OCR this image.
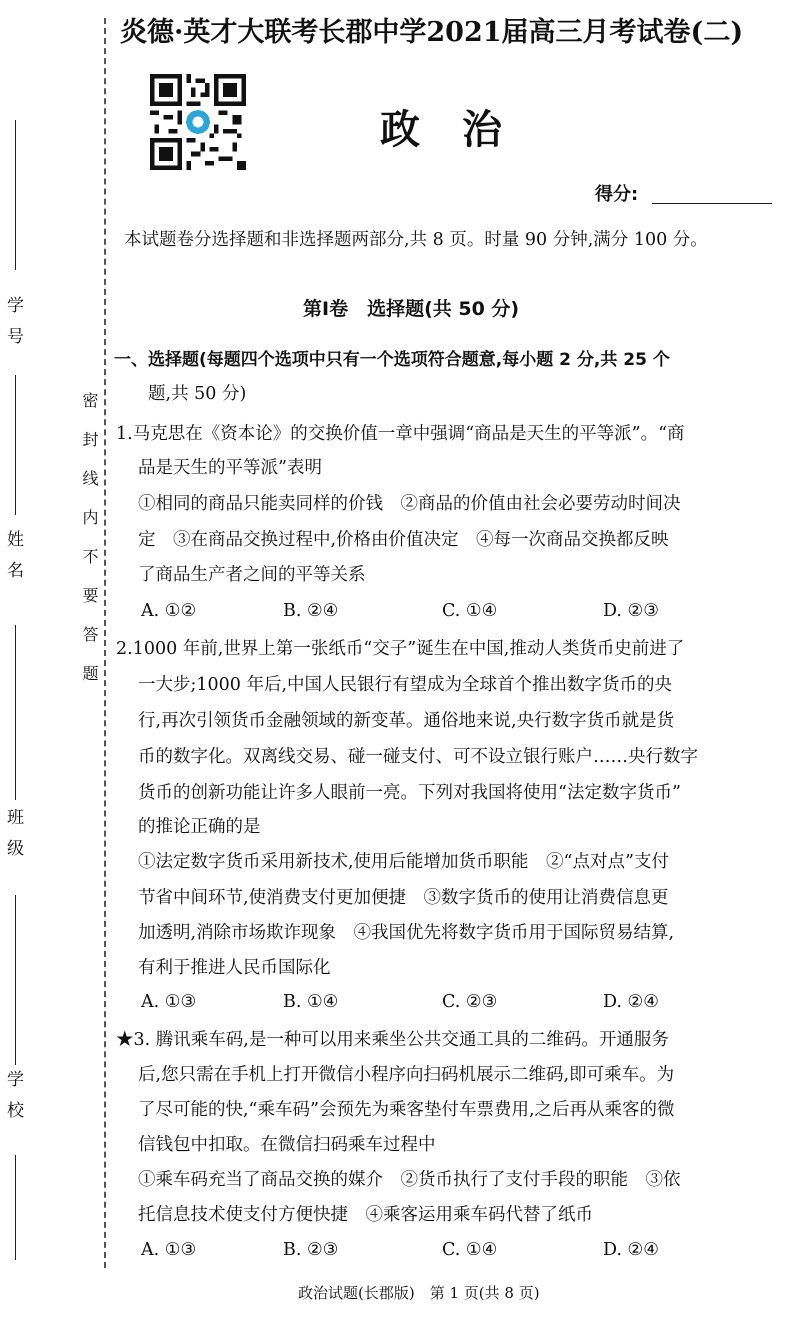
学号
姓名
班级
学校
密封线内不要答题
炎德·英才大联考长郡中学2021届高三月考试卷(二)
政治
得分:
本试题卷分选择题和非选择题两部分,共 8 页。时量 90 分钟,满分 100 分。
第Ⅰ卷　选择题(共 50 分)
一、选择题(每题四个选项中只有一个选项符合题意,每小题 2 分,共 25 个
题,共 50 分)
1.马克思在《资本论》的交换价值一章中强调“商品是天生的平等派”。“商
品是天生的平等派”表明
①相同的商品只能卖同样的价钱　②商品的价值由社会必要劳动时间决
定　③在商品交换过程中,价格由价值决定　④每一次商品交换都反映
了商品生产者之间的平等关系
A. ①②	B. ②④	C. ①④	D. ②③
2.1000 年前,世界上第一张纸币“交子”诞生在中国,推动人类货币史前进了
一大步;1000 年后,中国人民银行有望成为全球首个推出数字货币的央
行,再次引领货币金融领域的新变革。通俗地来说,央行数字货币就是货
币的数字化。双离线交易、碰一碰支付、可不设立银行账户……央行数字
货币的创新功能让许多人眼前一亮。下列对我国将使用“法定数字货币”
的推论正确的是
①法定数字货币采用新技术,使用后能增加货币职能　②“点对点”支付
节省中间环节,使消费支付更加便捷　③数字货币的使用让消费信息更
加透明,消除市场欺诈现象　④我国优先将数字货币用于国际贸易结算,
有利于推进人民币国际化
A. ①③	B. ①④	C. ②③	D. ②④
★3. 腾讯乘车码,是一种可以用来乘坐公共交通工具的二维码。开通服务
后,您只需在手机上打开微信小程序向扫码机展示二维码,即可乘车。为
了尽可能的快,“乘车码”会预先为乘客垫付车票费用,之后再从乘客的微
信钱包中扣取。在微信扫码乘车过程中
①乘车码充当了商品交换的媒介　②货币执行了支付手段的职能　③依
托信息技术使支付方便快捷　④乘客运用乘车码代替了纸币
A. ①③	B. ②③	C. ①④	D. ②④
政治试题(长郡版)　第 1 页(共 8 页)
